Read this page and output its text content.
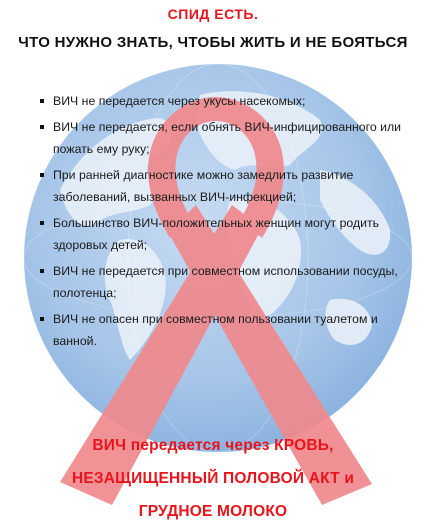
СПИД ЕСТЬ.
ЧТО НУЖНО ЗНАТЬ, ЧТОБЫ ЖИТЬ И НЕ БОЯТЬСЯ
ВИЧ не передается через укусы насекомых;
ВИЧ не передается, если обнять ВИЧ-инфицированного или пожать ему руку;
При ранней диагностике можно замедлить развитие заболеваний, вызванных ВИЧ-инфекцией;
Большинство ВИЧ-положительных женщин могут родить здоровых детей;
ВИЧ не передается при совместном использовании посуды, полотенца;
ВИЧ не опасен при совместном пользовании туалетом и ванной.
ВИЧ передается через КРОВЬ,
НЕЗАЩИЩЕННЫЙ ПОЛОВОЙ АКТ и
ГРУДНОЕ МОЛОКО
